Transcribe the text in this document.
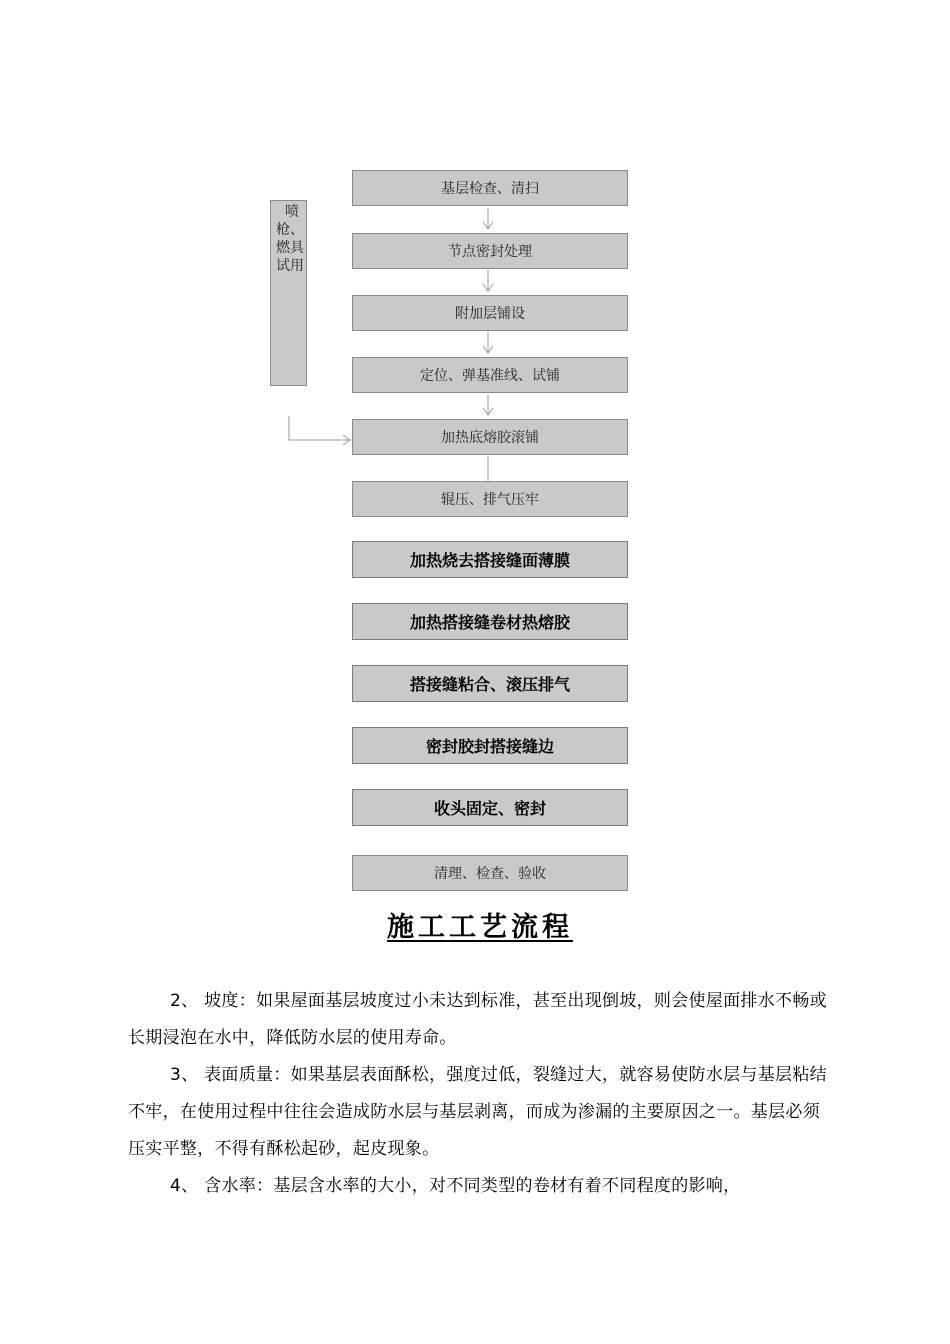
喷
枪、
燃具
试用
基层检查、清扫
节点密封处理
附加层铺设
定位、弹基准线、试铺
加热底熔胶滚铺
辊压、排气压牢
加热烧去搭接缝面薄膜
加热搭接缝卷材热熔胶
搭接缝粘合、滚压排气
密封胶封搭接缝边
收头固定、密封
清理、检查、验收
施工工艺流程

2、 坡度：如果屋面基层坡度过小未达到标准，甚至出现倒坡，则会使屋面排水不畅或长期浸泡在水中，降低防水层的使用寿命。

3、 表面质量：如果基层表面酥松，强度过低，裂缝过大，就容易使防水层与基层粘结不牢，在使用过程中往往会造成防水层与基层剥离，而成为渗漏的主要原因之一。基层必须压实平整，不得有酥松起砂，起皮现象。

4、 含水率：基层含水率的大小，对不同类型的卷材有着不同程度的影响，
